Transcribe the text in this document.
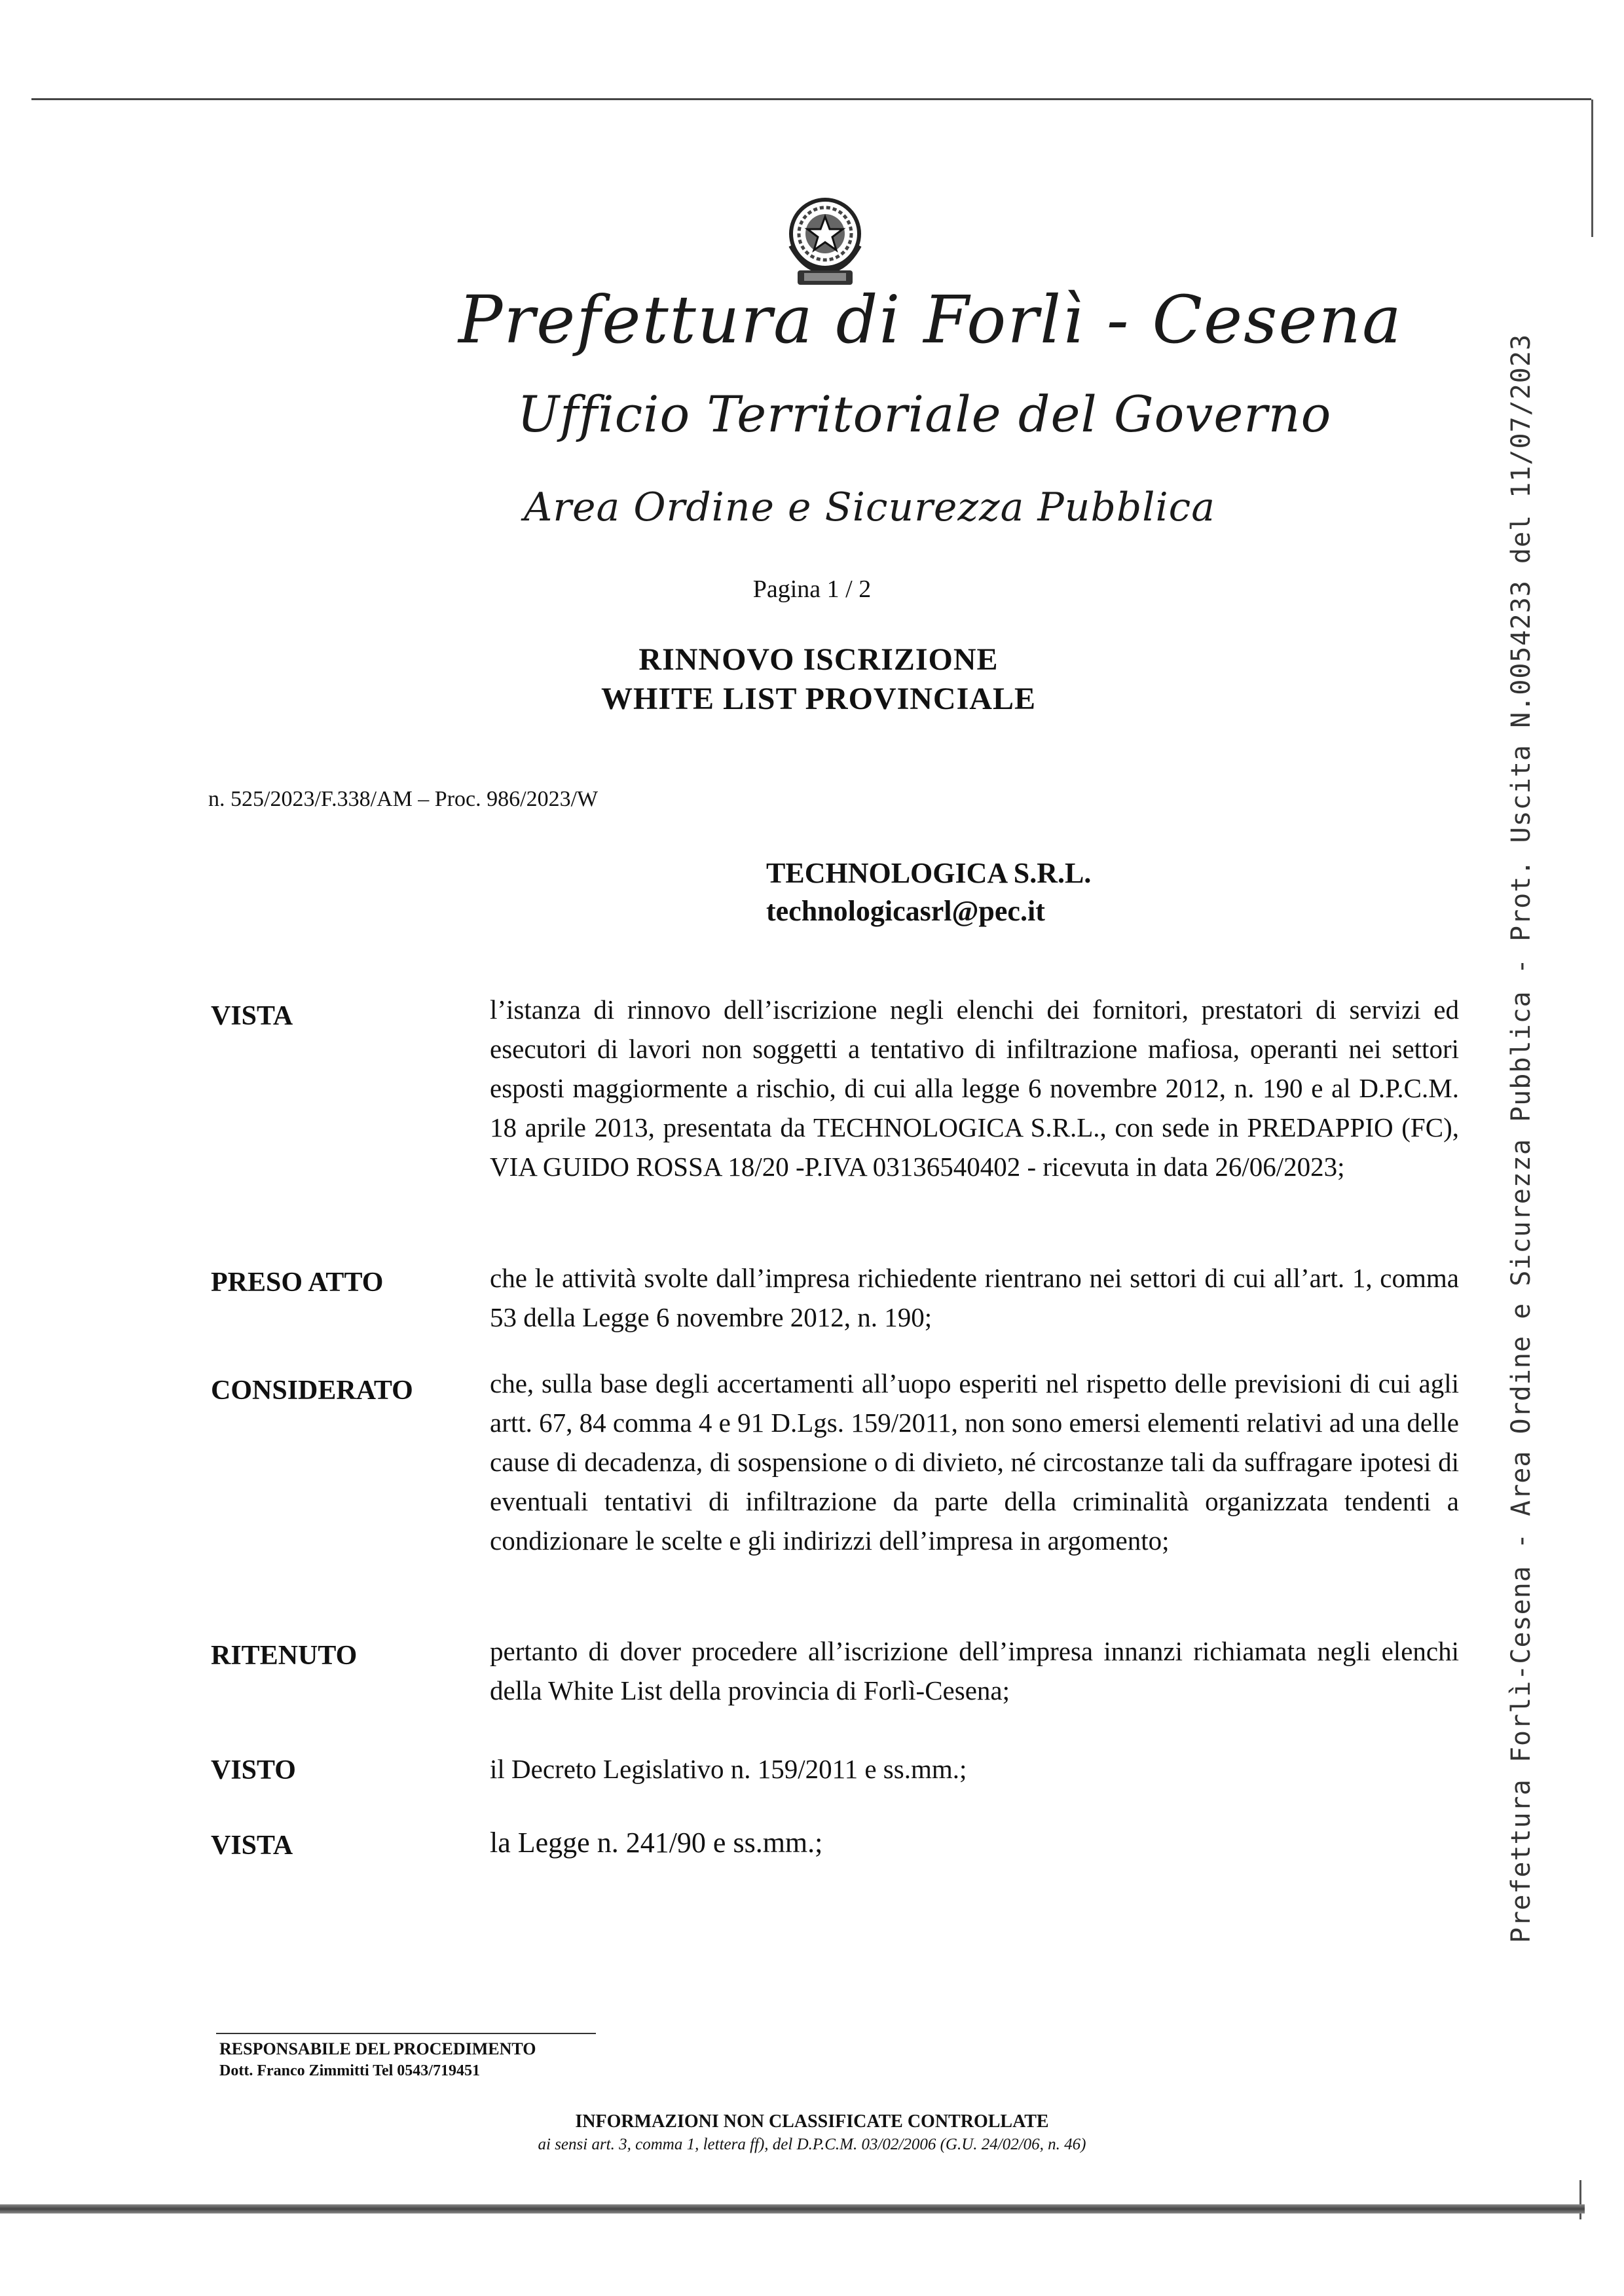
Prefettura di Forlì - Cesena
Ufficio Territoriale del Governo
Area Ordine e Sicurezza Pubblica
Pagina 1 / 2
RINNOVO ISCRIZIONE
WHITE LIST PROVINCIALE
n. 525/2023/F.338/AM – Proc. 986/2023/W
TECHNOLOGICA S.R.L.
technologicasrl@pec.it
VISTA	l’istanza di rinnovo dell’iscrizione negli elenchi dei fornitori, prestatori di servizi ed esecutori di lavori non soggetti a tentativo di infiltrazione mafiosa, operanti nei settori esposti maggiormente a rischio, di cui alla legge 6 novembre 2012, n. 190 e al D.P.C.M. 18 aprile 2013, presentata da TECHNOLOGICA S.R.L., con sede in PREDAPPIO (FC), VIA GUIDO ROSSA 18/20 -P.IVA 03136540402 - ricevuta in data 26/06/2023;
PRESO ATTO	che le attività svolte dall’impresa richiedente rientrano nei settori di cui all’art. 1, comma 53 della Legge 6 novembre 2012, n. 190;
CONSIDERATO	che, sulla base degli accertamenti all’uopo esperiti nel rispetto delle previsioni di cui agli artt. 67, 84 comma 4 e 91 D.Lgs. 159/2011, non sono emersi elementi relativi ad una delle cause di decadenza, di sospensione o di divieto, né circostanze tali da suffragare ipotesi di eventuali tentativi di infiltrazione da parte della criminalità organizzata tendenti a condizionare le scelte e gli indirizzi dell’impresa in argomento;
RITENUTO	pertanto di dover procedere all’iscrizione dell’impresa innanzi richiamata negli elenchi della White List della provincia di Forlì-Cesena;
VISTO	il Decreto Legislativo n. 159/2011 e ss.mm.;
VISTA	la Legge n. 241/90 e ss.mm.;	Prefettura Forlì-Cesena - Area Ordine e Sicurezza Pubblica - Prot. Uscita N.0054233 del 11/07/2023
RESPONSABILE DEL PROCEDIMENTO
Dott. Franco Zimmitti Tel 0543/719451
INFORMAZIONI NON CLASSIFICATE CONTROLLATE
ai sensi art. 3, comma 1, lettera ff), del D.P.C.M. 03/02/2006 (G.U. 24/02/06, n. 46)
